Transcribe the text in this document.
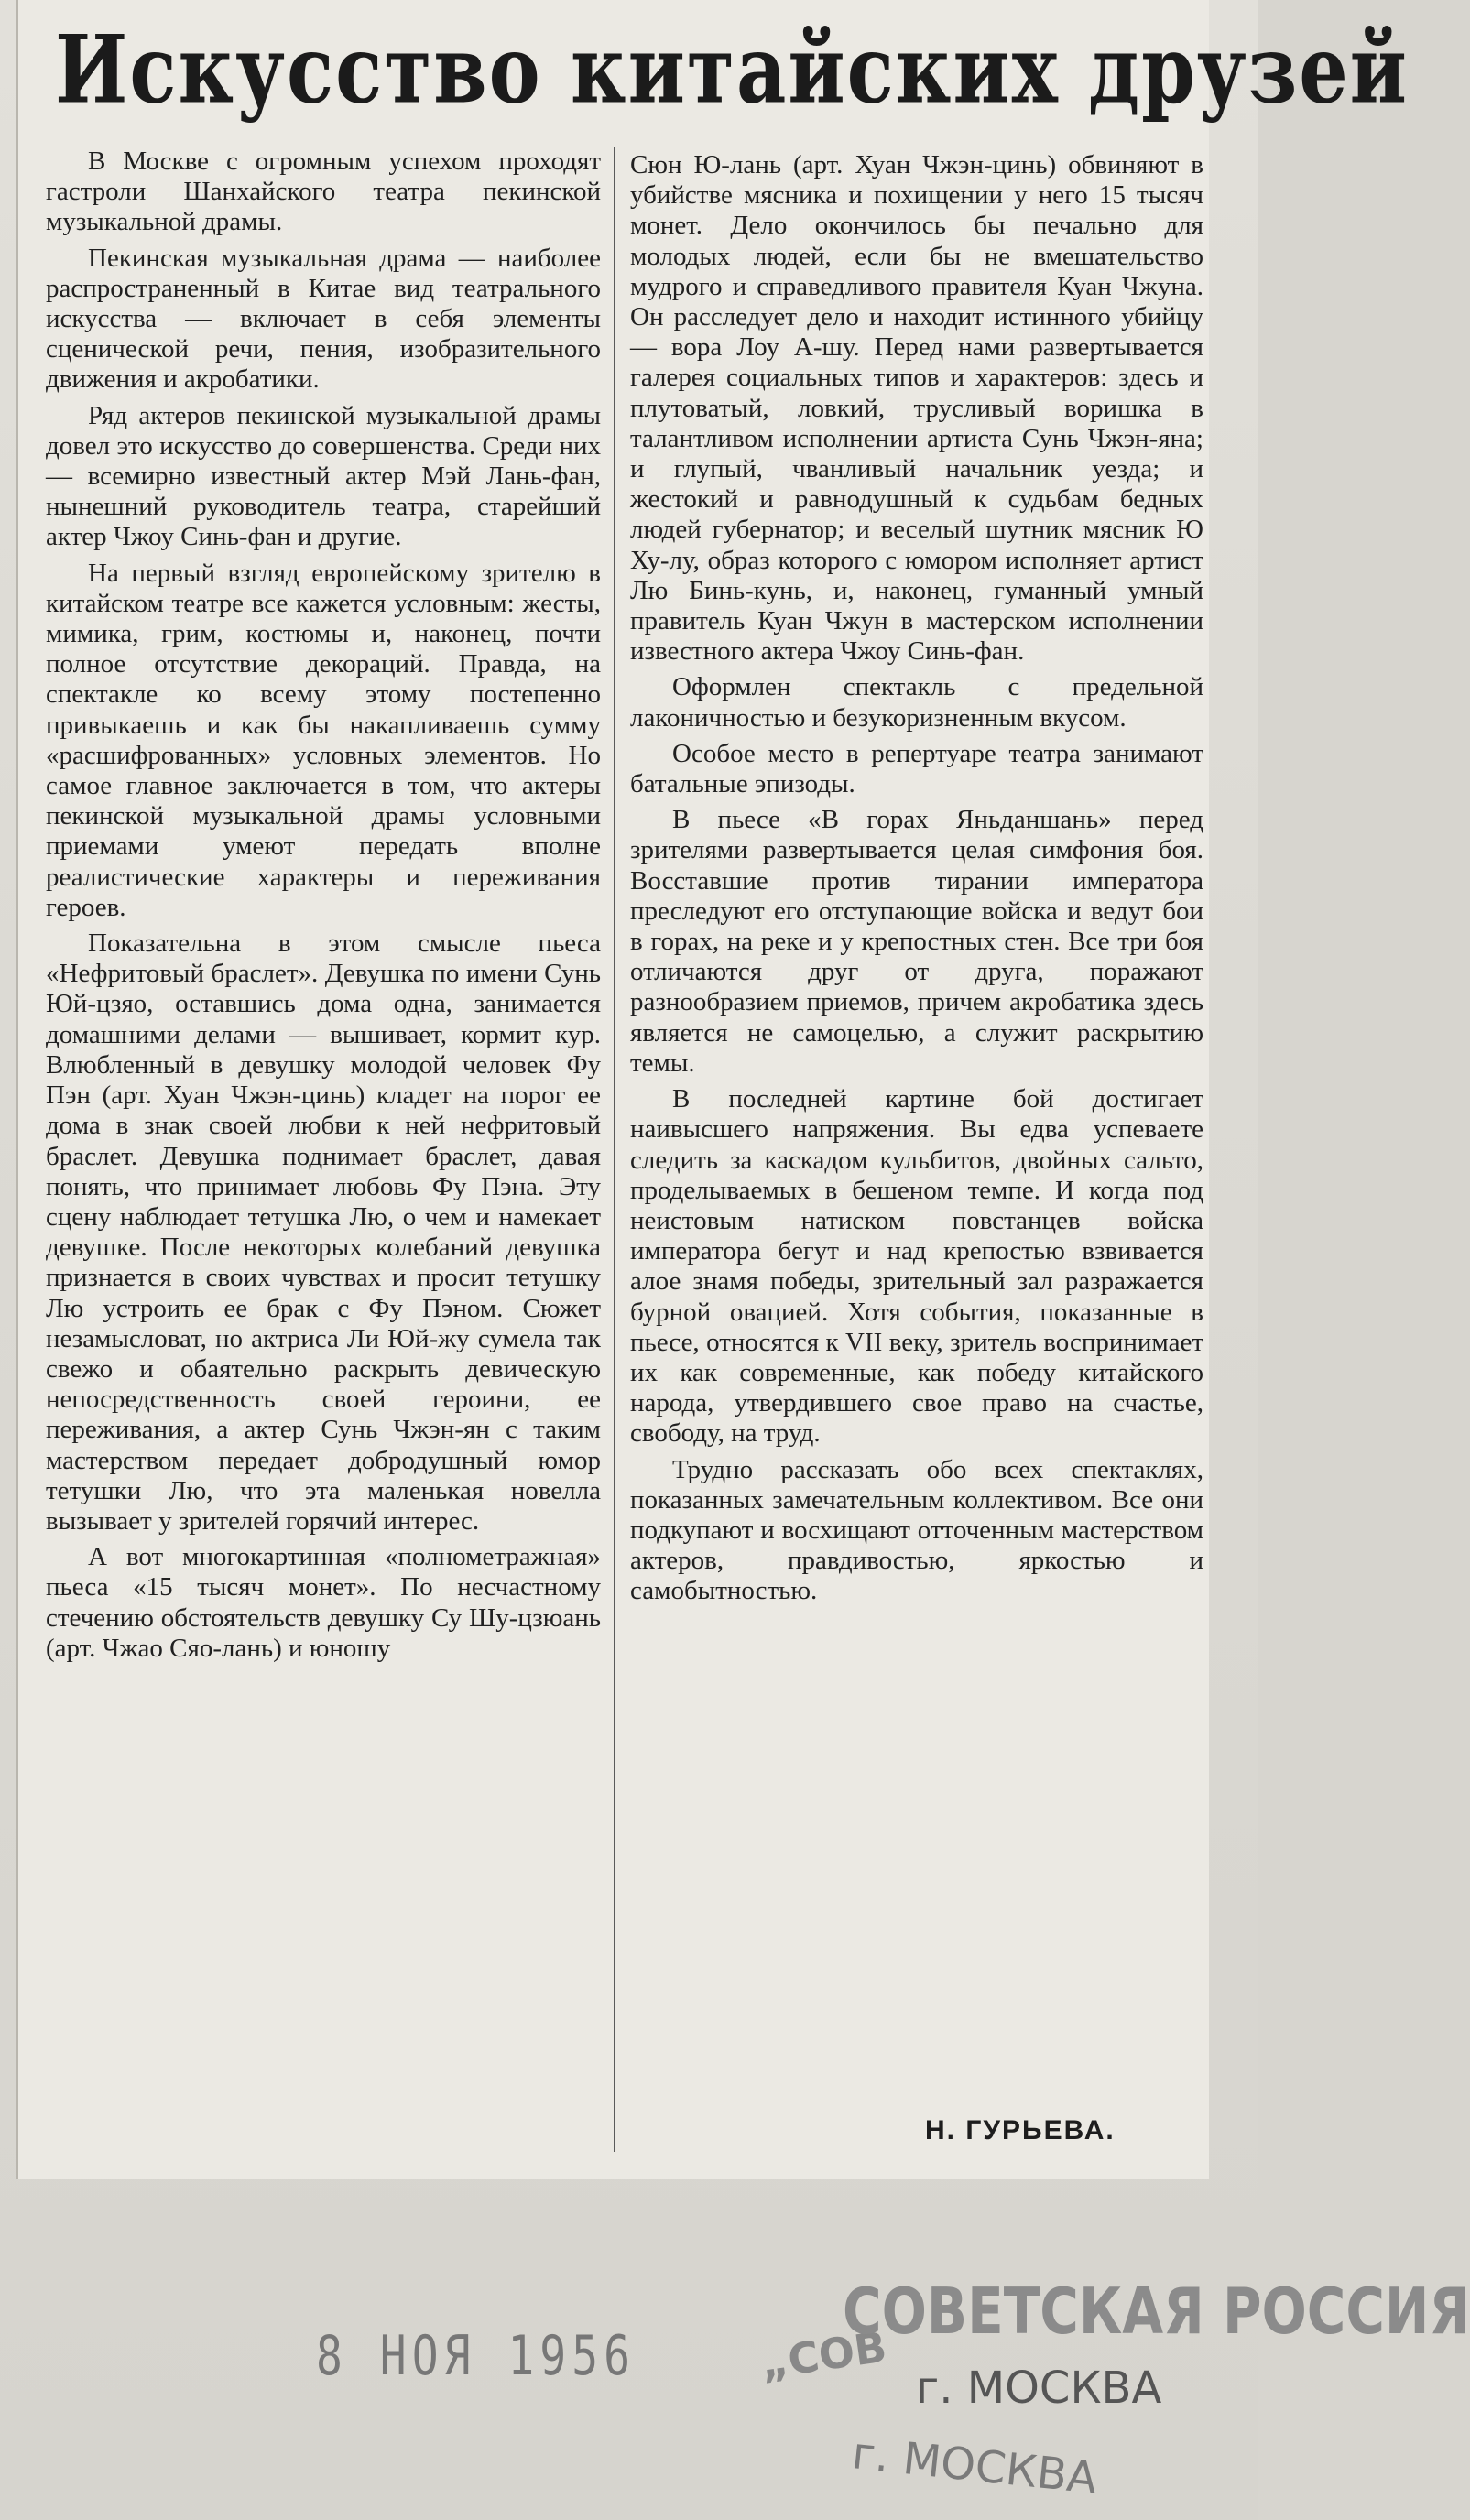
Искусство китайских друзей

В Москве с огромным успехом проходят гастроли Шанхайского театра пекинской музыкальной драмы.

Пекинская музыкальная драма — наиболее распространенный в Китае вид театрального искусства — включает в себя элементы сценической речи, пения, изобразительного движения и акробатики.

Ряд актеров пекинской музыкальной драмы довел это искусство до совершенства. Среди них — всемирно известный актер Мэй Лань-фан, нынешний руководитель театра, старейший актер Чжоу Синь-фан и другие.

На первый взгляд европейскому зрителю в китайском театре все кажется условным: жесты, мимика, грим, костюмы и, наконец, почти полное отсутствие декораций. Правда, на спектакле ко всему этому постепенно привыкаешь и как бы накапливаешь сумму «расшифрованных» условных элементов. Но самое главное заключается в том, что актеры пекинской музыкальной драмы условными приемами умеют передать вполне реалистические характеры и переживания героев.

Показательна в этом смысле пьеса «Нефритовый браслет». Девушка по имени Сунь Юй-цзяо, оставшись дома одна, занимается домашними делами — вышивает, кормит кур. Влюбленный в девушку молодой человек Фу Пэн (арт. Хуан Чжэн-цинь) кладет на порог ее дома в знак своей любви к ней нефритовый браслет. Девушка поднимает браслет, давая понять, что принимает любовь Фу Пэна. Эту сцену наблюдает тетушка Лю, о чем и намекает девушке. После некоторых колебаний девушка признается в своих чувствах и просит тетушку Лю устроить ее брак с Фу Пэном. Сюжет незамысловат, но актриса Ли Юй-жу сумела так свежо и обаятельно раскрыть девическую непосредственность своей героини, ее переживания, а актер Сунь Чжэн-ян с таким мастерством передает добродушный юмор тетушки Лю, что эта маленькая новелла вызывает у зрителей горячий интерес.

А вот многокартинная «полнометражная» пьеса «15 тысяч монет». По несчастному стечению обстоятельств девушку Су Шу-цзюань (арт. Чжао Сяо-лань) и юношу

Сюн Ю-лань (арт. Хуан Чжэн-цинь) обвиняют в убийстве мясника и похищении у него 15 тысяч монет. Дело окончилось бы печально для молодых людей, если бы не вмешательство мудрого и справедливого правителя Куан Чжуна. Он расследует дело и находит истинного убийцу — вора Лоу А-шу. Перед нами развертывается галерея социальных типов и характеров: здесь и плутоватый, ловкий, трусливый воришка в талантливом исполнении артиста Сунь Чжэн-яна; и глупый, чванливый начальник уезда; и жестокий и равнодушный к судьбам бедных людей губернатор; и веселый шутник мясник Ю Ху-лу, образ которого с юмором исполняет артист Лю Бинь-кунь, и, наконец, гуманный умный правитель Куан Чжун в мастерском исполнении известного актера Чжоу Синь-фан.

Оформлен спектакль с предельной лаконичностью и безукоризненным вкусом.

Особое место в репертуаре театра занимают батальные эпизоды.

В пьесе «В горах Яньданшань» перед зрителями развертывается целая симфония боя. Восставшие против тирании императора преследуют его отступающие войска и ведут бои в горах, на реке и у крепостных стен. Все три боя отличаются друг от друга, поражают разнообразием приемов, причем акробатика здесь является не самоцелью, а служит раскрытию темы.

В последней картине бой достигает наивысшего напряжения. Вы едва успеваете следить за каскадом кульбитов, двойных сальто, проделываемых в бешеном темпе. И когда под неистовым натиском повстанцев войска императора бегут и над крепостью взвивается алое знамя победы, зрительный зал разражается бурной овацией. Хотя события, показанные в пьесе, относятся к VII веку, зритель воспринимает их как современные, как победу китайского народа, утвердившего свое право на счастье, свободу, на труд.

Трудно рассказать обо всех спектаклях, показанных замечательным коллективом. Все они подкупают и восхищают отточенным мастерством актеров, правдивостью, яркостью и самобытностью.

Н. ГУРЬЕВА.
8 НОЯ 1956	„СОВ
СОВЕТСКАЯ РОССИЯ
г. МОСКВА
г. МОСКВА
